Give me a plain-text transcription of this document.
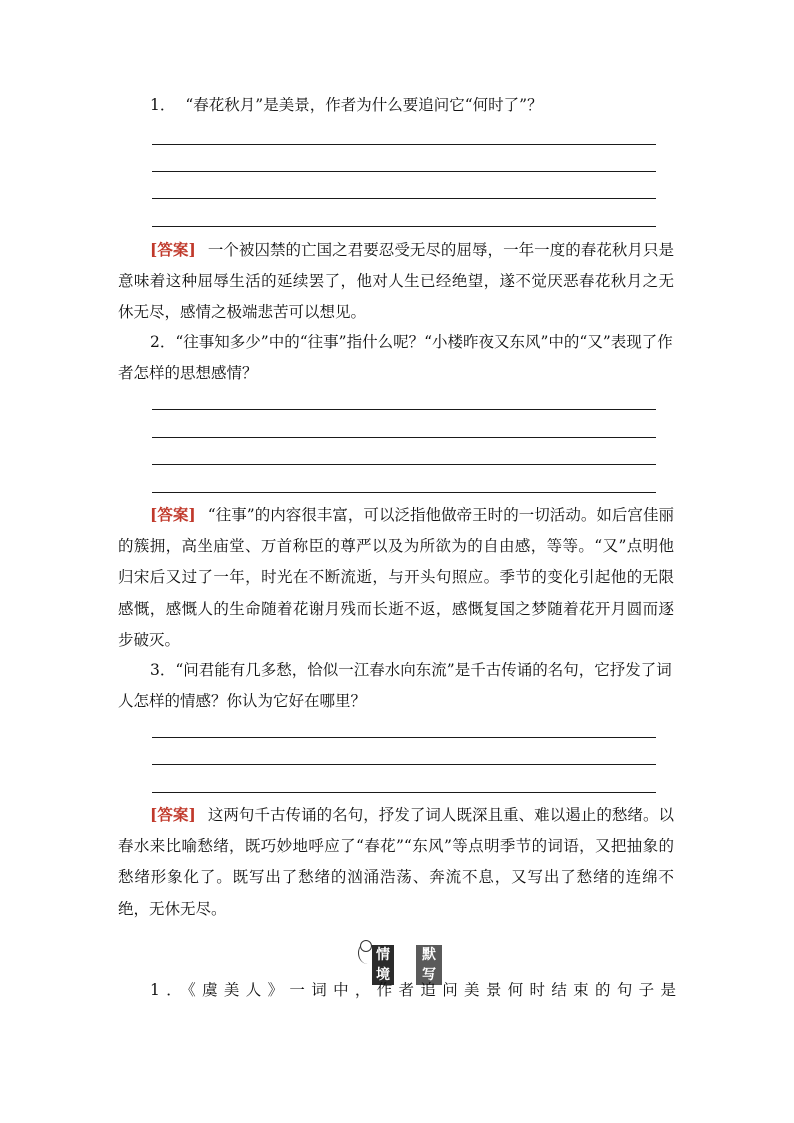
1． “春花秋月”是美景，作者为什么要追问它“何时了”？

[答案] 一个被囚禁的亡国之君要忍受无尽的屈辱，一年一度的春花秋月只是意味着这种屈辱生活的延续罢了，他对人生已经绝望，遂不觉厌恶春花秋月之无休无尽，感情之极端悲苦可以想见。

2．“往事知多少”中的“往事”指什么呢？“小楼昨夜又东风”中的“又”表现了作者怎样的思想感情？

[答案] “往事”的内容很丰富，可以泛指他做帝王时的一切活动。如后宫佳丽的簇拥，高坐庙堂、万首称臣的尊严以及为所欲为的自由感，等等。“又”点明他归宋后又过了一年，时光在不断流逝，与开头句照应。季节的变化引起他的无限感慨，感慨人的生命随着花谢月残而长逝不返，感慨复国之梦随着花开月圆而逐步破灭。

3．“问君能有几多愁，恰似一江春水向东流”是千古传诵的名句，它抒发了词人怎样的情感？你认为它好在哪里？

[答案] 这两句千古传诵的名句，抒发了词人既深且重、难以遏止的愁绪。以春水来比喻愁绪，既巧妙地呼应了“春花”“东风”等点明季节的词语，又把抽象的愁绪形象化了。既写出了愁绪的汹涌浩荡、奔流不息，又写出了愁绪的连绵不绝，无休无尽。

情境
默写

1．《虞美人》一词中，作者追问美景何时结束的句子是
